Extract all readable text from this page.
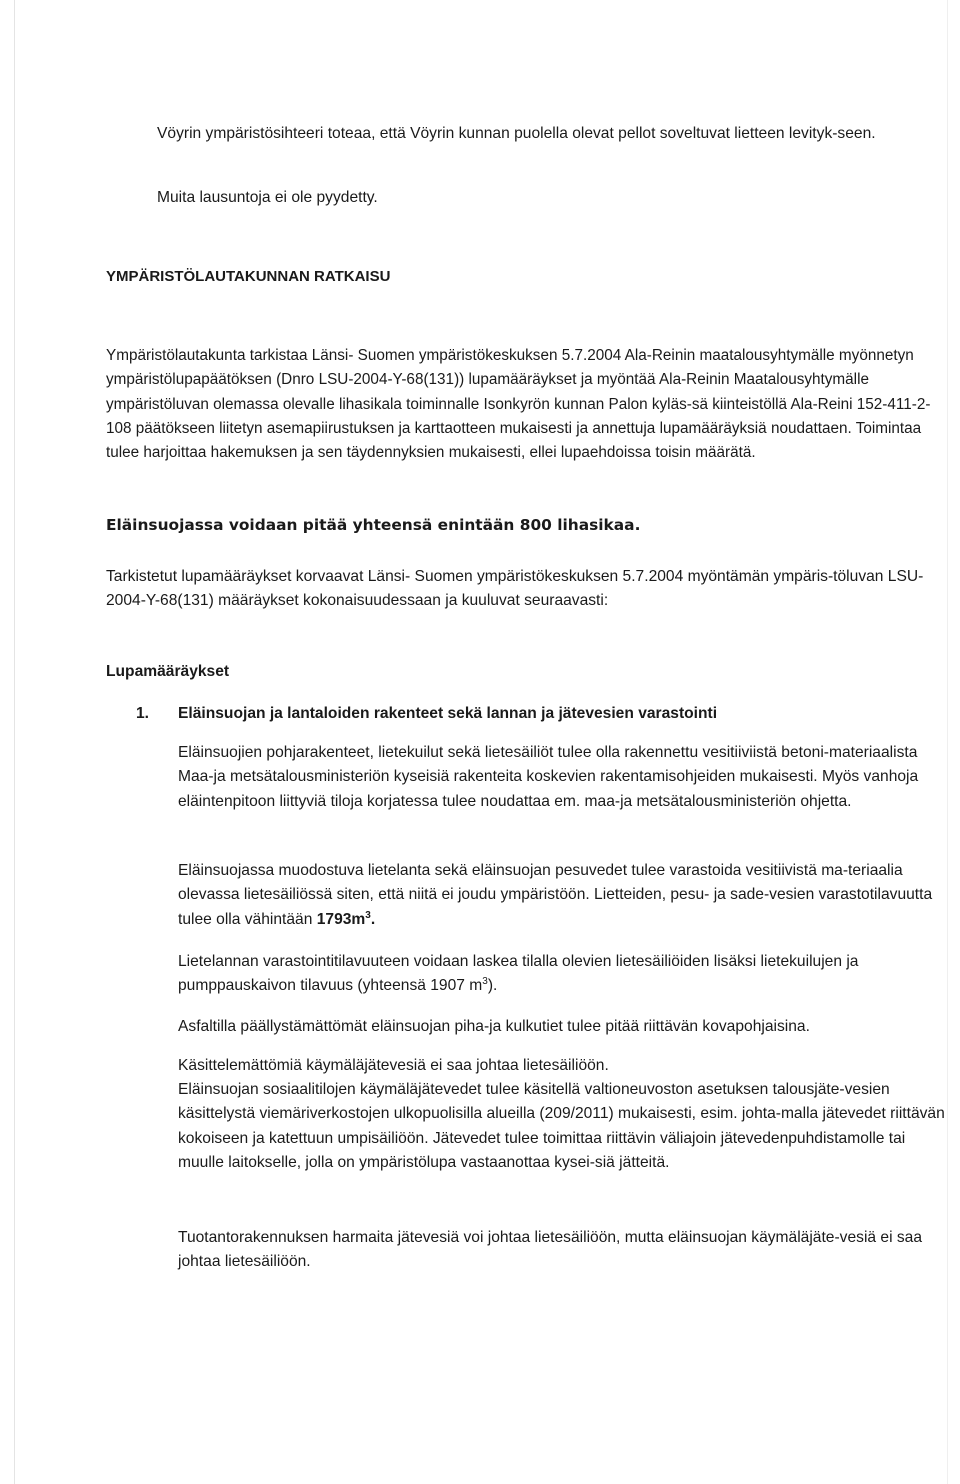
Vöyrin ympäristösihteeri toteaa, että Vöyrin kunnan puolella olevat pellot soveltuvat lietteen levityk-seen.

Muita lausuntoja ei ole pyydetty.

YMPÄRISTÖLAUTAKUNNAN RATKAISU

Ympäristölautakunta tarkistaa Länsi- Suomen ympäristökeskuksen 5.7.2004 Ala-Reinin maatalousyhtymälle myönnetyn ympäristölupapäätöksen (Dnro LSU-2004-Y-68(131)) lupamääräykset ja myöntää Ala-Reinin Maatalousyhtymälle ympäristöluvan olemassa olevalle lihasikala toiminnalle Isonkyrön kunnan Palon kyläs-sä kiinteistöllä Ala-Reini 152-411-2-108 päätökseen liitetyn asemapiirustuksen ja karttaotteen mukaisesti ja annettuja lupamääräyksiä noudattaen. Toimintaa tulee harjoittaa hakemuksen ja sen täydennyksien mukaisesti, ellei lupaehdoissa toisin määrätä.

Eläinsuojassa voidaan pitää yhteensä enintään 800 lihasikaa.

Tarkistetut lupamääräykset korvaavat Länsi- Suomen ympäristökeskuksen 5.7.2004 myöntämän ympäris-töluvan LSU-2004-Y-68(131) määräykset kokonaisuudessaan ja kuuluvat seuraavasti:

Lupamääräykset

1.	Eläinsuojan ja lantaloiden rakenteet sekä lannan ja jätevesien varastointi

Eläinsuojien pohjarakenteet, lietekuilut sekä lietesäiliöt tulee olla rakennettu vesitiiviistä betoni-materiaalista Maa-ja metsätalousministeriön kyseisiä rakenteita koskevien rakentamisohjeiden mukaisesti. Myös vanhoja eläintenpitoon liittyviä tiloja korjatessa tulee noudattaa em. maa-ja metsätalousministeriön ohjetta.

Eläinsuojassa muodostuva lietelanta sekä eläinsuojan pesuvedet tulee varastoida vesitiivistä ma-teriaalia olevassa lietesäiliössä siten, että niitä ei joudu ympäristöön. Lietteiden, pesu- ja sade-vesien varastotilavuutta tulee olla vähintään $1793m^3$.

Lietelannan varastointitilavuuteen voidaan laskea tilalla olevien lietesäiliöiden lisäksi lietekuilujen ja pumppauskaivon tilavuus (yhteensä 1907 $m^3$).

Asfaltilla päällystämättömät eläinsuojan piha-ja kulkutiet tulee pitää riittävän kovapohjaisina.

Käsittelemättömiä käymäläjätevesiä ei saa johtaa lietesäiliöön.

Eläinsuojan sosiaalitilojen käymäläjätevedet tulee käsitellä valtioneuvoston asetuksen talousjäte-vesien käsittelystä viemäriverkostojen ulkopuolisilla alueilla (209/2011) mukaisesti, esim. johta-malla jätevedet riittävän kokoiseen ja katettuun umpisäiliöön. Jätevedet tulee toimittaa riittävin väliajoin jätevedenpuhdistamolle tai muulle laitokselle, jolla on ympäristölupa vastaanottaa kysei-siä jätteitä.

Tuotantorakennuksen harmaita jätevesiä voi johtaa lietesäiliöön, mutta eläinsuojan käymäläjäte-vesiä ei saa johtaa lietesäiliöön.
